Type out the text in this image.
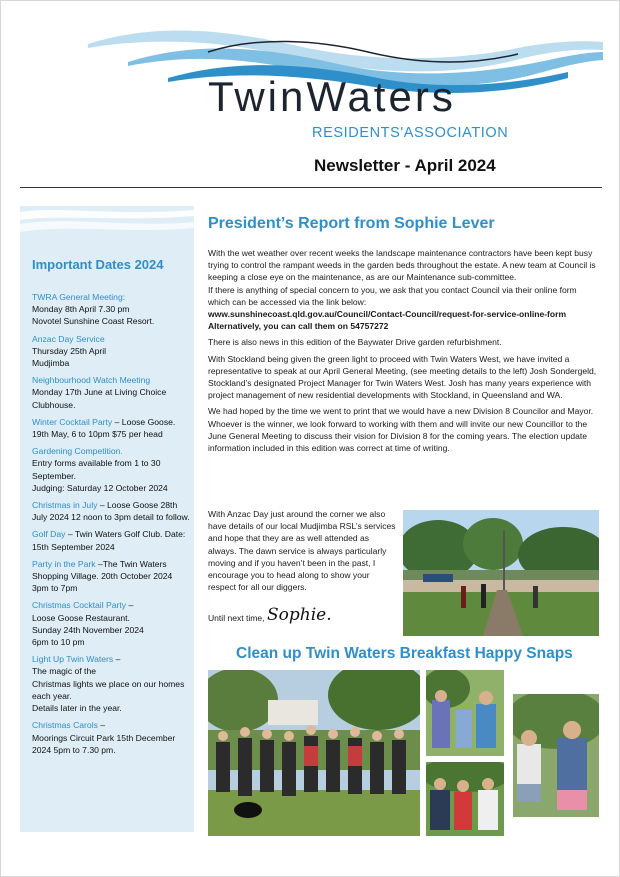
TwinWaters
RESIDENTS'ASSOCIATION
Newsletter - April 2024
Important Dates 2024
TWRA General Meeting:
Monday 8th April 7.30 pm
Novotel Sunshine Coast Resort.
Anzac Day Service
Thursday 25th April
Mudjimba
Neighbourhood Watch Meeting
Monday 17th June at Living Choice Clubhouse.
Winter Cocktail Party – Loose Goose. 19th May, 6 to 10pm $75 per head
Gardening Competition.
Entry forms available from 1 to 30 September.
Judging: Saturday 12 October 2024
Christmas in July – Loose Goose 28th July 2024 12 noon to 3pm detail to follow.
Golf Day – Twin Waters Golf Club. Date: 15th September 2024
Party in the Park –The Twin Waters Shopping Village. 20th October 2024 3pm to 7pm
Christmas Cocktail Party –
Loose Goose Restaurant.
Sunday 24th November 2024
6pm to 10 pm
Light Up Twin Waters –
The magic of the
Christmas lights we place on our homes each year.
Details later in the year.
Christmas Carols –
Moorings Circuit Park 15th December 2024 5pm to 7.30 pm.
President’s Report from Sophie Lever

With the wet weather over recent weeks the landscape maintenance contractors have been kept busy trying to control the rampant weeds in the garden beds throughout the estate. A new team at Council is keeping a close eye on the maintenance, as are our Maintenance sub-committee.
If there is anything of special concern to you, we ask that you contact Council via their online form which can be accessed via the link below:
www.sunshinecoast.qld.gov.au/Council/Contact-Council/request-for-service-online-form
Alternatively, you can call them on 54757272

There is also news in this edition of the Baywater Drive garden refurbishment.

With Stockland being given the green light to proceed with Twin Waters West, we have invited a representative to speak at our April General Meeting, (see meeting details to the left) Josh Sondergeld, Stockland’s designated Project Manager for Twin Waters West. Josh has many years experience with project management of new residential developments with Stockland, in Queensland and WA.

We had hoped by the time we went to print that we would have a new Division 8 Councilor and Mayor. Whoever is the winner, we look forward to working with them and will invite our new Councillor to the June General Meeting to discuss their vision for Division 8 for the coming years. The election update information included in this edition was correct at time of writing.

With Anzac Day just around the corner we also have details of our local Mudjimba RSL’s services and hope that they are as well attended as always. The dawn service is always particularly moving and if you haven’t been in the past, I encourage you to head along to show your respect for all our diggers.
Until next time, Sophie.
Clean up Twin Waters Breakfast Happy Snaps
